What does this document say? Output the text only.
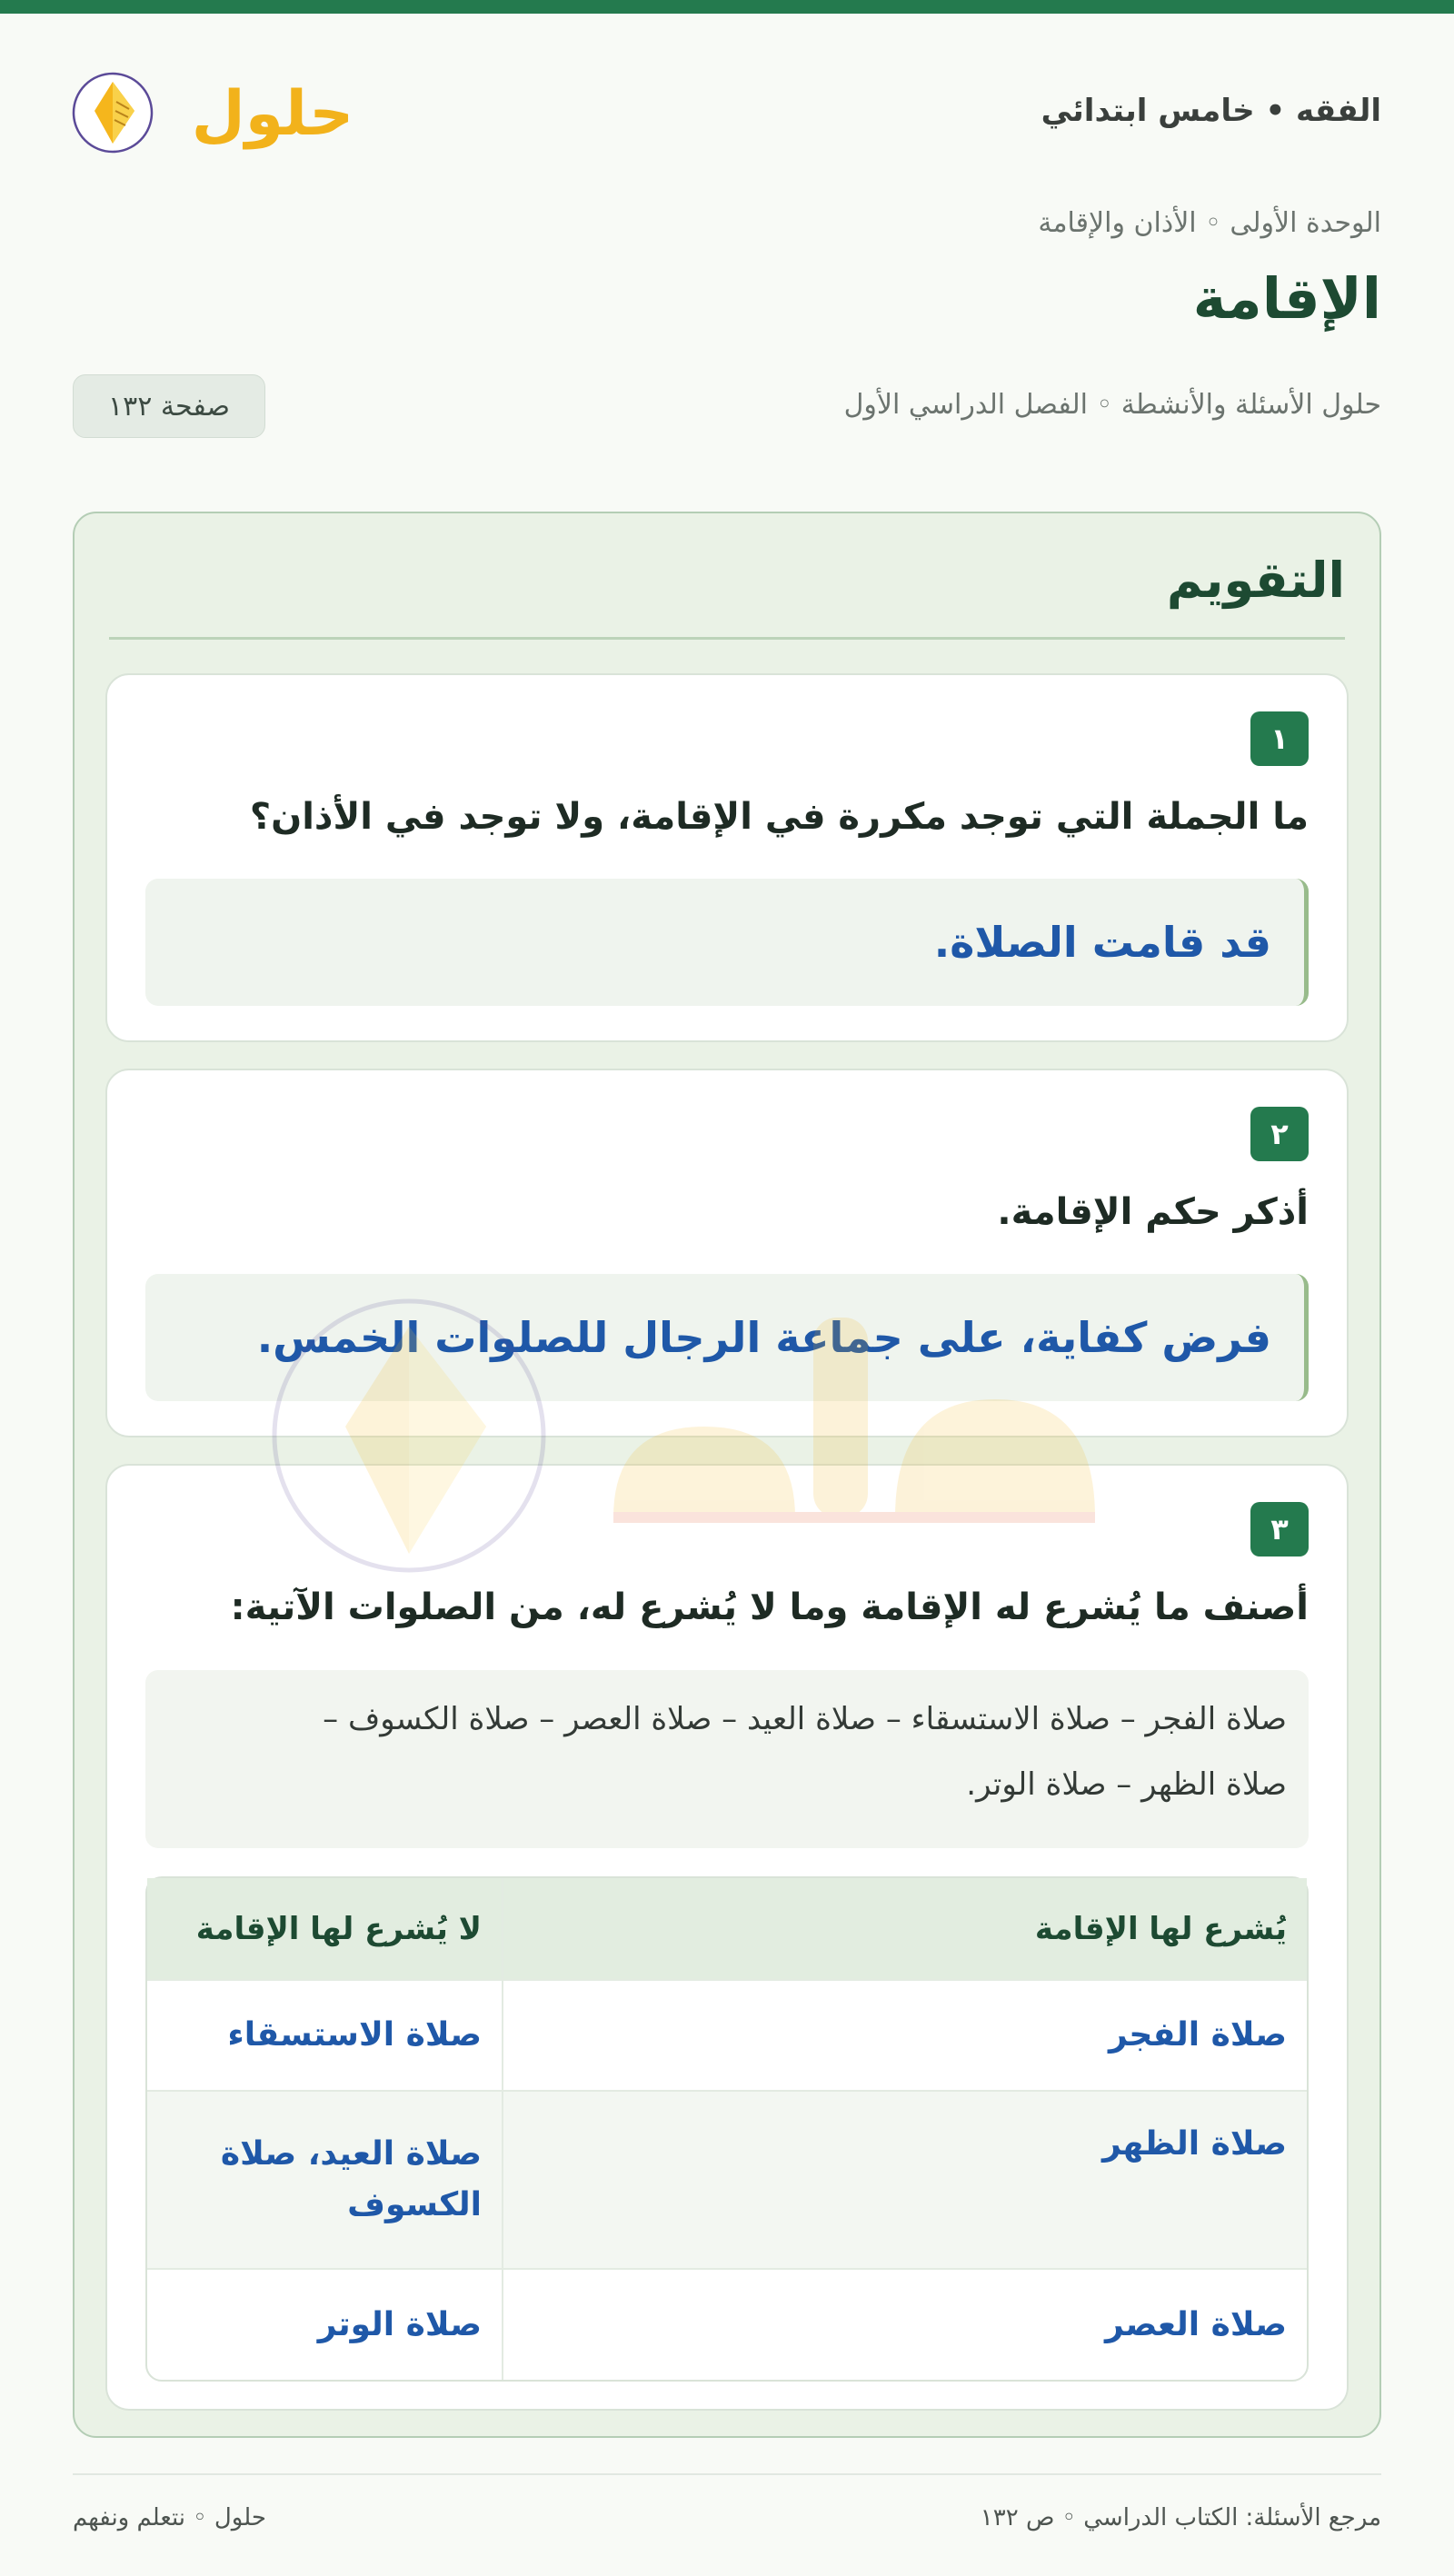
الفقه • خامس ابتدائي
حلول
الوحدة الأولى ◦ الأذان والإقامة
الإقامة
حلول الأسئلة والأنشطة ◦ الفصل الدراسي الأول
صفحة ١٣٢
التقويم
١
ما الجملة التي توجد مكررة في الإقامة، ولا توجد في الأذان؟
قد قامت الصلاة.
٢
أذكر حكم الإقامة.
فرض كفاية، على جماعة الرجال للصلوات الخمس.
٣
أصنف ما يُشرع له الإقامة وما لا يُشرع له، من الصلوات الآتية:
صلاة الفجر – صلاة الاستسقاء – صلاة العيد – صلاة العصر – صلاة الكسوف –
صلاة الظهر – صلاة الوتر.
يُشرع لها الإقامة	لا يُشرع لها الإقامة
صلاة الفجر	صلاة الاستسقاء
صلاة الظهر	صلاة العيد، صلاة الكسوف
صلاة العصر	صلاة الوتر
مرجع الأسئلة: الكتاب الدراسي ◦ ص ١٣٢
حلول ◦ نتعلم ونفهم
